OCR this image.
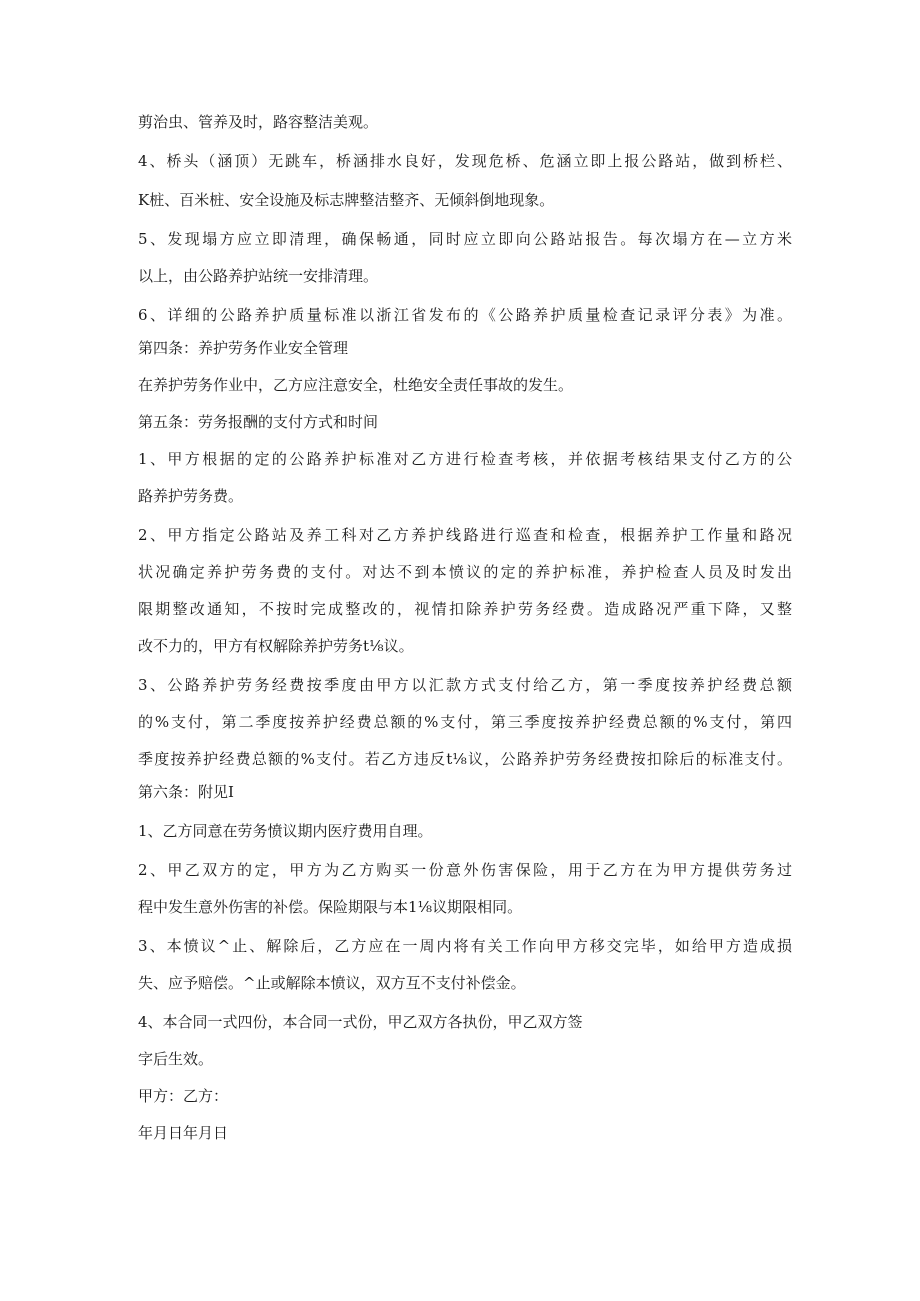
剪治虫、管养及时，路容整洁美观。
4、桥头（涵顶）无跳车，桥涵排水良好，发现危桥、危涵立即上报公路站，做到桥栏、
K桩、百米桩、安全设施及标志牌整洁整齐、无倾斜倒地现象。
5、发现塌方应立即清理，确保畅通，同时应立即向公路站报告。每次塌方在—立方米
以上，由公路养护站统一安排清理。
6、详细的公路养护质量标准以浙江省发布的《公路养护质量检查记录评分表》为准。
第四条：养护劳务作业安全管理
在养护劳务作业中，乙方应注意安全，杜绝安全责任事故的发生。
第五条：劳务报酬的支付方式和时间
1、甲方根据的定的公路养护标准对乙方进行检查考核，并依据考核结果支付乙方的公
路养护劳务费。
2、甲方指定公路站及养工科对乙方养护线路进行巡查和检查，根据养护工作量和路况
状况确定养护劳务费的支付。对达不到本愤议的定的养护标准，养护检查人员及时发出
限期整改通知，不按时完成整改的，视情扣除养护劳务经费。造成路况严重下降，又整
改不力的，甲方有权解除养护劳务t⅛议。
3、公路养护劳务经费按季度由甲方以汇款方式支付给乙方，第一季度按养护经费总额
的%支付，第二季度按养护经费总额的%支付，第三季度按养护经费总额的%支付，第四
季度按养护经费总额的%支付。若乙方违反t⅛议，公路养护劳务经费按扣除后的标准支付。
第六条：附见I
1、乙方同意在劳务愤议期内医疗费用自理。
2、甲乙双方的定，甲方为乙方购买一份意外伤害保险，用于乙方在为甲方提供劳务过
程中发生意外伤害的补偿。保险期限与本1⅛议期限相同。
3、本愤议^止、解除后，乙方应在一周内将有关工作向甲方移交完毕，如给甲方造成损
失、应予赔偿。^止或解除本愤议，双方互不支付补偿金。
4、本合同一式四份，本合同一式份，甲乙双方各执份，甲乙双方签
字后生效。
甲方：乙方：
年月日年月日
